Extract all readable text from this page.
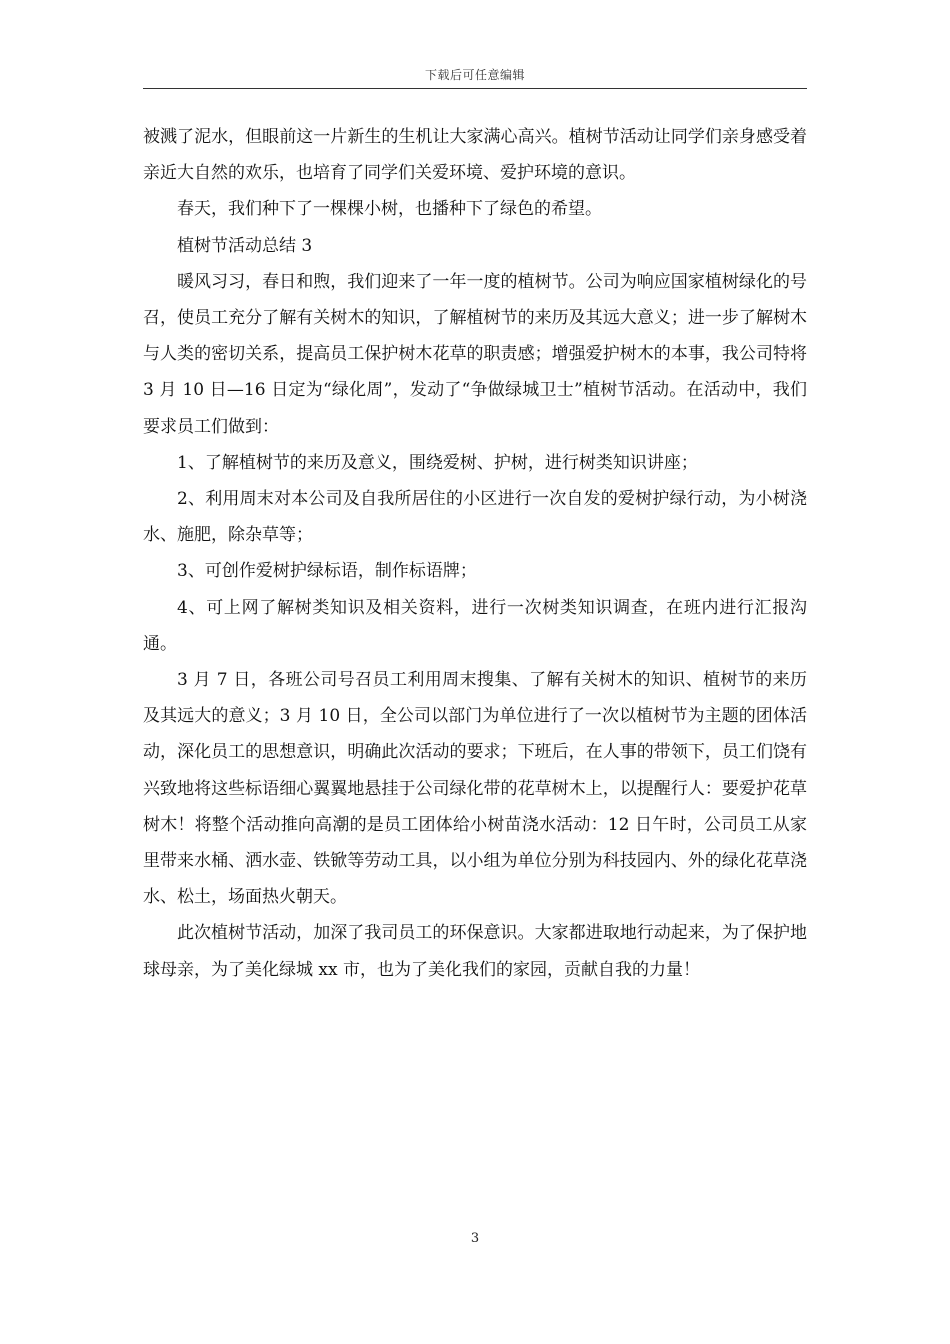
下载后可任意编辑

被溅了泥水，但眼前这一片新生的生机让大家满心高兴。植树节活动让同学们亲身感受着亲近大自然的欢乐，也培育了同学们关爱环境、爱护环境的意识。

春天，我们种下了一棵棵小树，也播种下了绿色的希望。

植树节活动总结 3

暖风习习，春日和煦，我们迎来了一年一度的植树节。公司为响应国家植树绿化的号召，使员工充分了解有关树木的知识，了解植树节的来历及其远大意义；进一步了解树木与人类的密切关系，提高员工保护树木花草的职责感；增强爱护树木的本事，我公司特将 3 月 10 日—16 日定为“绿化周”，发动了“争做绿城卫士”植树节活动。在活动中，我们要求员工们做到：

1、了解植树节的来历及意义，围绕爱树、护树，进行树类知识讲座；

2、利用周末对本公司及自我所居住的小区进行一次自发的爱树护绿行动，为小树浇水、施肥，除杂草等；

3、可创作爱树护绿标语，制作标语牌；

4、可上网了解树类知识及相关资料，进行一次树类知识调查，在班内进行汇报沟通。

3 月 7 日，各班公司号召员工利用周末搜集、了解有关树木的知识、植树节的来历及其远大的意义；3 月 10 日，全公司以部门为单位进行了一次以植树节为主题的团体活动，深化员工的思想意识，明确此次活动的要求；下班后，在人事的带领下，员工们饶有兴致地将这些标语细心翼翼地悬挂于公司绿化带的花草树木上，以提醒行人：要爱护花草树木！将整个活动推向高潮的是员工团体给小树苗浇水活动：12 日午时，公司员工从家里带来水桶、洒水壶、铁锨等劳动工具，以小组为单位分别为科技园内、外的绿化花草浇水、松土，场面热火朝天。

此次植树节活动，加深了我司员工的环保意识。大家都进取地行动起来，为了保护地球母亲，为了美化绿城 xx 市，也为了美化我们的家园，贡献自我的力量！

3
